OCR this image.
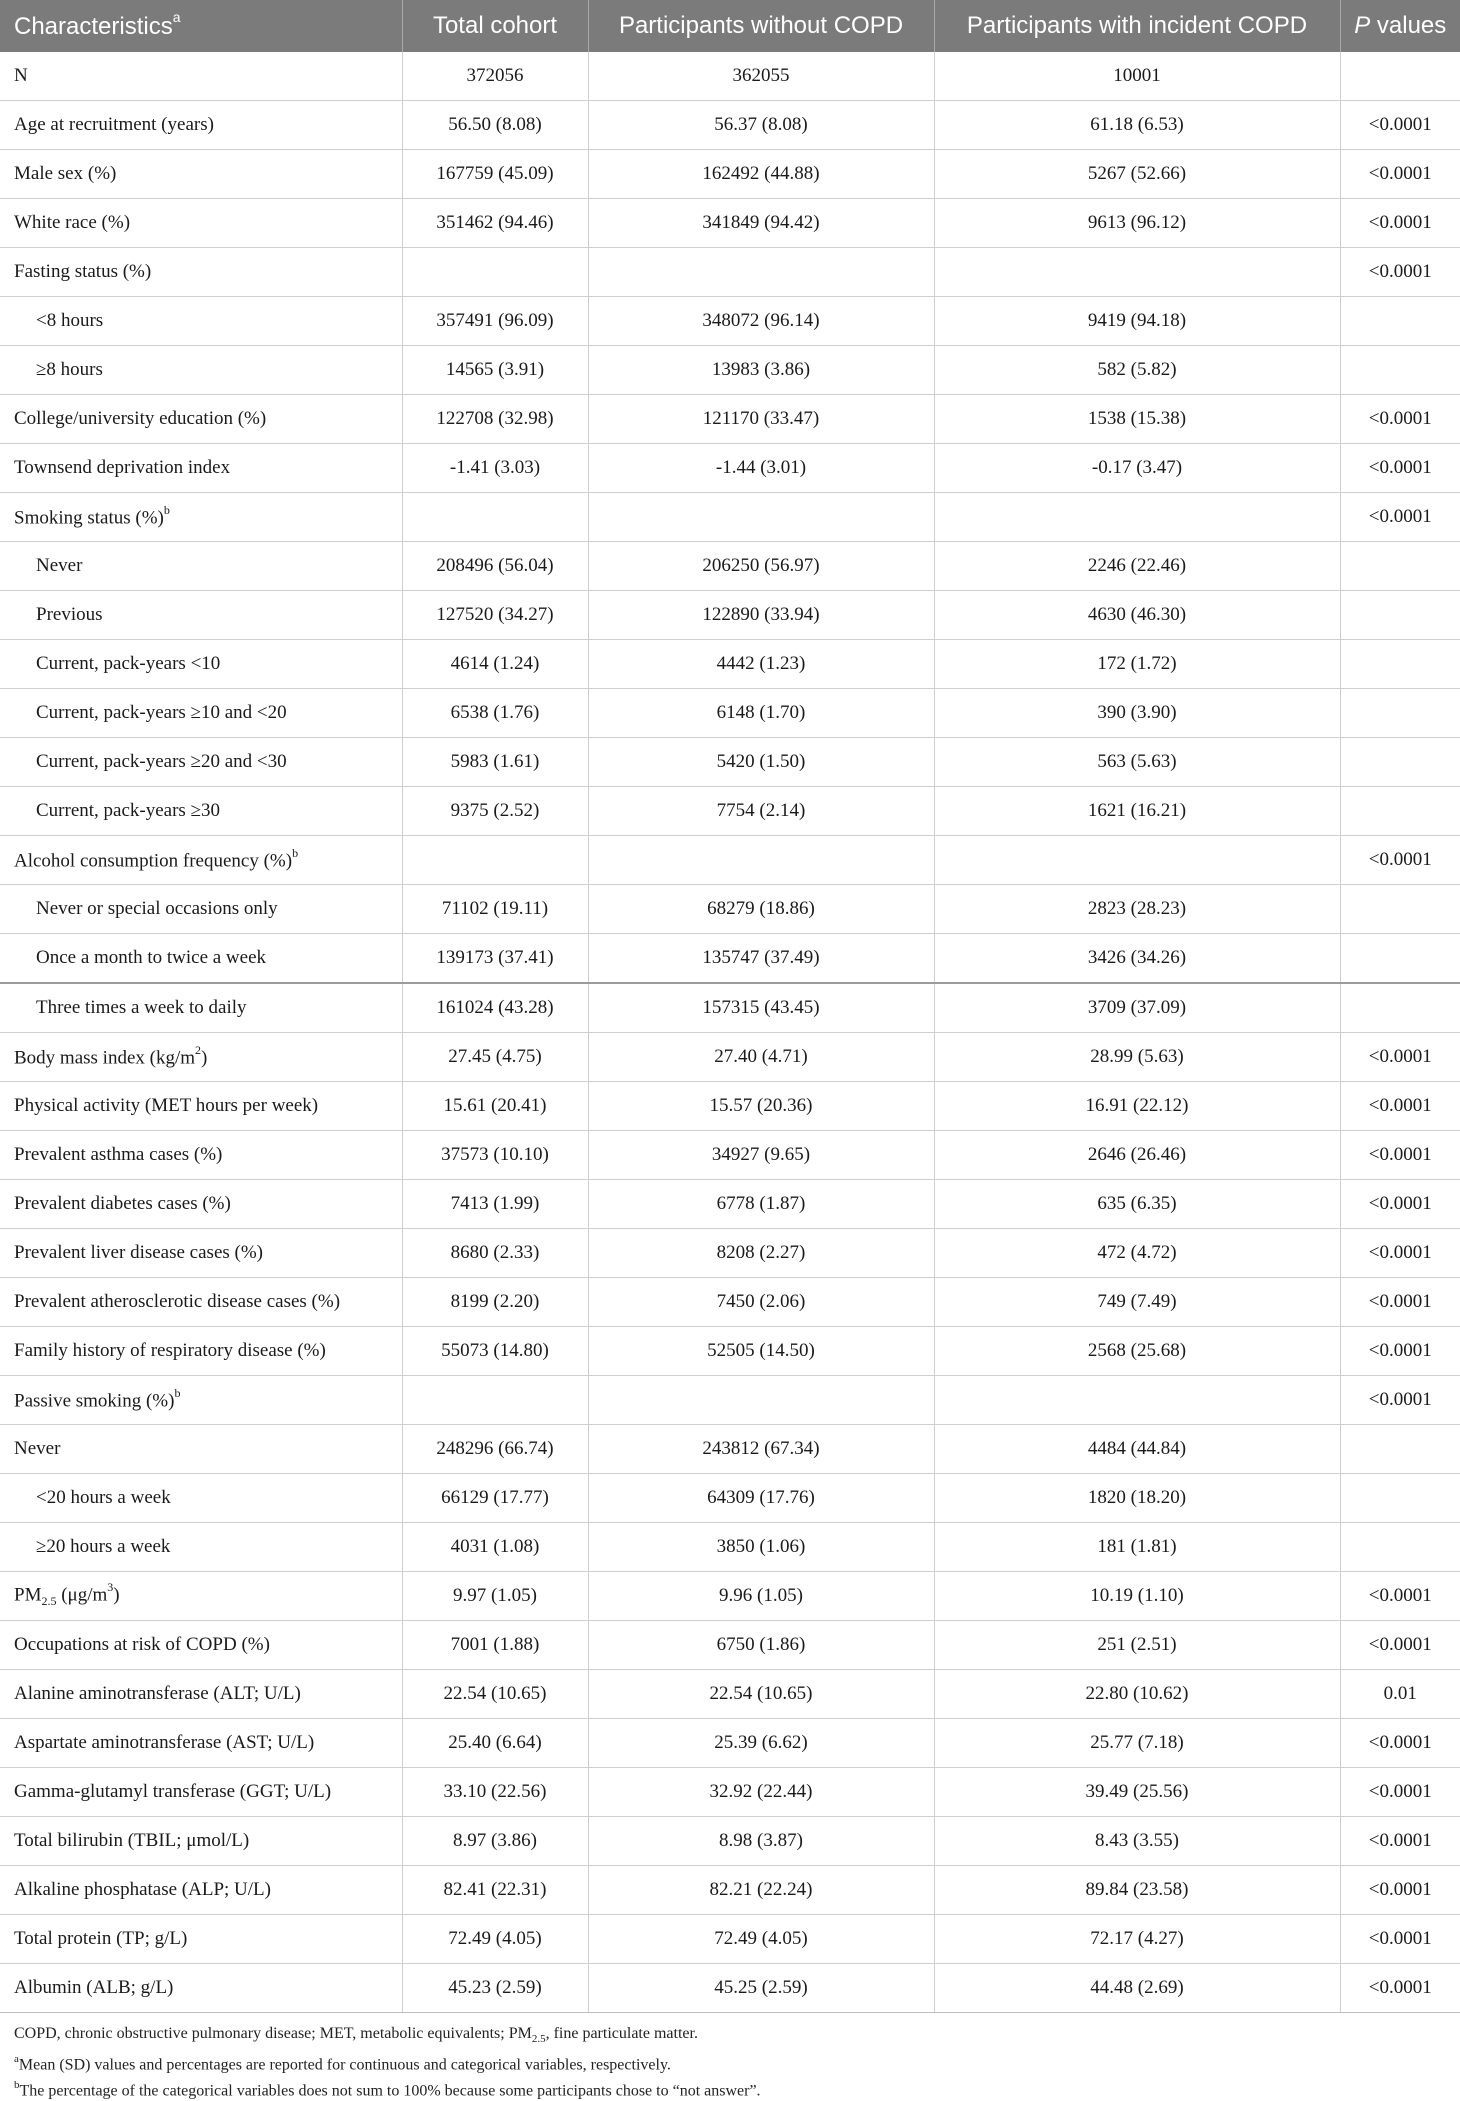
Characteristics$^a$	Total cohort	Participants without COPD	Participants with incident COPD	P values
N	372056	362055	10001	
Age at recruitment (years)	56.50 (8.08)	56.37 (8.08)	61.18 (6.53)	<0.0001
Male sex (%)	167759 (45.09)	162492 (44.88)	5267 (52.66)	<0.0001
White race (%)	351462 (94.46)	341849 (94.42)	9613 (96.12)	<0.0001
Fasting status (%)				<0.0001
<8 hours	357491 (96.09)	348072 (96.14)	9419 (94.18)	
≥8 hours	14565 (3.91)	13983 (3.86)	582 (5.82)	
College/university education (%)	122708 (32.98)	121170 (33.47)	1538 (15.38)	<0.0001
Townsend deprivation index	-1.41 (3.03)	-1.44 (3.01)	-0.17 (3.47)	<0.0001
Smoking status (%)$^b$				<0.0001
Never	208496 (56.04)	206250 (56.97)	2246 (22.46)	
Previous	127520 (34.27)	122890 (33.94)	4630 (46.30)	
Current, pack-years <10	4614 (1.24)	4442 (1.23)	172 (1.72)	
Current, pack-years ≥10 and <20	6538 (1.76)	6148 (1.70)	390 (3.90)	
Current, pack-years ≥20 and <30	5983 (1.61)	5420 (1.50)	563 (5.63)	
Current, pack-years ≥30	9375 (2.52)	7754 (2.14)	1621 (16.21)	
Alcohol consumption frequency (%)$^b$				<0.0001
Never or special occasions only	71102 (19.11)	68279 (18.86)	2823 (28.23)	
Once a month to twice a week	139173 (37.41)	135747 (37.49)	3426 (34.26)	
Three times a week to daily	161024 (43.28)	157315 (43.45)	3709 (37.09)	
Body mass index $(kg/m^2)$	27.45 (4.75)	27.40 (4.71)	28.99 (5.63)	<0.0001
Physical activity (MET hours per week)	15.61 (20.41)	15.57 (20.36)	16.91 (22.12)	<0.0001
Prevalent asthma cases (%)	37573 (10.10)	34927 (9.65)	2646 (26.46)	<0.0001
Prevalent diabetes cases (%)	7413 (1.99)	6778 (1.87)	635 (6.35)	<0.0001
Prevalent liver disease cases (%)	8680 (2.33)	8208 (2.27)	472 (4.72)	<0.0001
Prevalent atherosclerotic disease cases (%)	8199 (2.20)	7450 (2.06)	749 (7.49)	<0.0001
Family history of respiratory disease (%)	55073 (14.80)	52505 (14.50)	2568 (25.68)	<0.0001
Passive smoking (%)$^b$				<0.0001
Never	248296 (66.74)	243812 (67.34)	4484 (44.84)	
<20 hours a week	66129 (17.77)	64309 (17.76)	1820 (18.20)	
≥20 hours a week	4031 (1.08)	3850 (1.06)	181 (1.81)	
$PM_{2.5}$ $(\mu g/m^3)$	9.97 (1.05)	9.96 (1.05)	10.19 (1.10)	<0.0001
Occupations at risk of COPD (%)	7001 (1.88)	6750 (1.86)	251 (2.51)	<0.0001
Alanine aminotransferase (ALT; U/L)	22.54 (10.65)	22.54 (10.65)	22.80 (10.62)	0.01
Aspartate aminotransferase (AST; U/L)	25.40 (6.64)	25.39 (6.62)	25.77 (7.18)	<0.0001
Gamma-glutamyl transferase (GGT; U/L)	33.10 (22.56)	32.92 (22.44)	39.49 (25.56)	<0.0001
Total bilirubin (TBIL; μmol/L)	8.97 (3.86)	8.98 (3.87)	8.43 (3.55)	<0.0001
Alkaline phosphatase (ALP; U/L)	82.41 (22.31)	82.21 (22.24)	89.84 (23.58)	<0.0001
Total protein (TP; g/L)	72.49 (4.05)	72.49 (4.05)	72.17 (4.27)	<0.0001
Albumin (ALB; g/L)	45.23 (2.59)	45.25 (2.59)	44.48 (2.69)	<0.0001

COPD, chronic obstructive pulmonary disease; MET, metabolic equivalents; $PM_{2.5}$, fine particulate matter.

$^a$Mean (SD) values and percentages are reported for continuous and categorical variables, respectively.

$^b$The percentage of the categorical variables does not sum to 100% because some participants chose to “not answer”.
